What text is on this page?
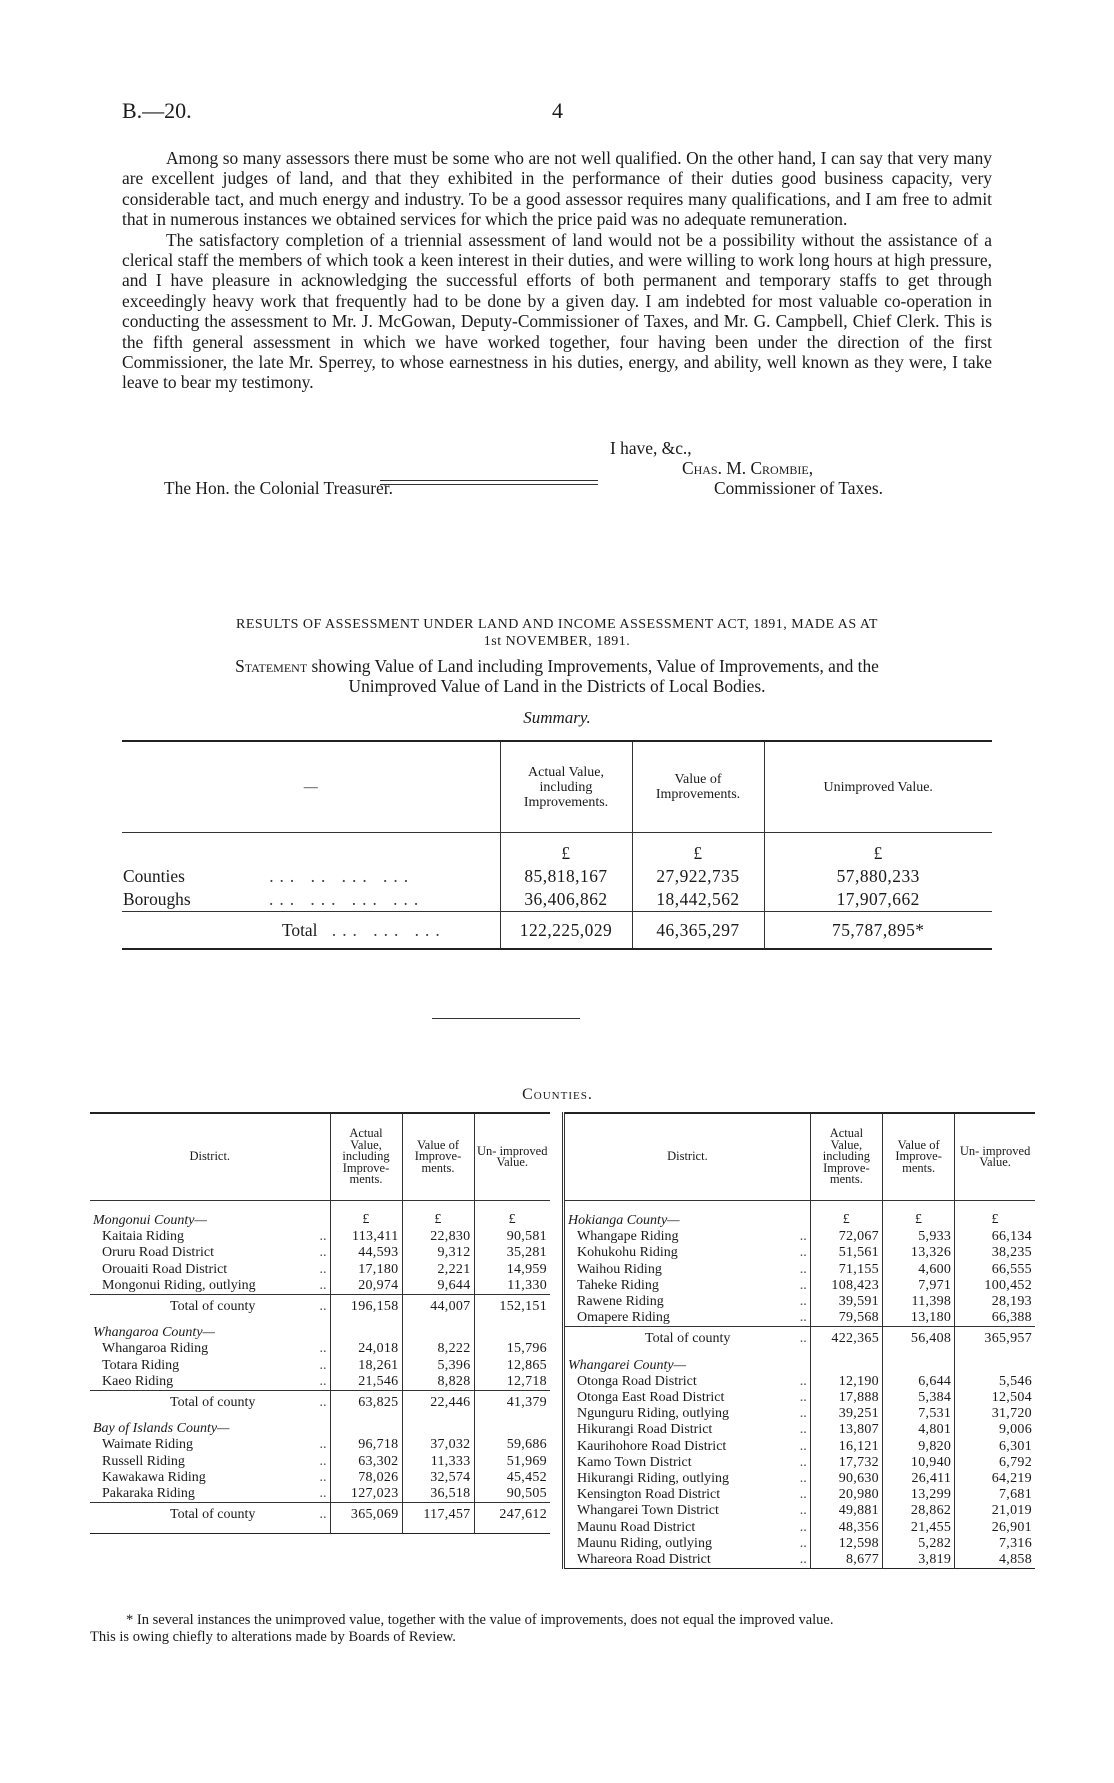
B.—20.	4

Among so many assessors there must be some who are not well qualified. On the other hand, I can say that very many are excellent judges of land, and that they exhibited in the performance of their duties good business capacity, very considerable tact, and much energy and industry. To be a good assessor requires many qualifications, and I am free to admit that in numerous instances we obtained services for which the price paid was no adequate remuneration.

The satisfactory completion of a triennial assessment of land would not be a possibility without the assistance of a clerical staff the members of which took a keen interest in their duties, and were willing to work long hours at high pressure, and I have pleasure in acknowledging the successful efforts of both permanent and temporary staffs to get through exceedingly heavy work that frequently had to be done by a given day. I am indebted for most valuable co-operation in conducting the assessment to Mr. J. McGowan, Deputy-Commissioner of Taxes, and Mr. G. Campbell, Chief Clerk. This is the fifth general assessment in which we have worked together, four having been under the direction of the first Commissioner, the late Mr. Sperrey, to whose earnestness in his duties, energy, and ability, well known as they were, I take leave to bear my testimony.

I have, &c.,
Chas. M. Crombie,
The Hon. the Colonial Treasurer.	Commissioner of Taxes.
RESULTS OF ASSESSMENT UNDER LAND AND INCOME ASSESSMENT ACT, 1891, MADE AS AT
1st NOVEMBER, 1891.
Statement showing Value of Land including Improvements, Value of Improvements, and the
Unimproved Value of Land in the Districts of Local Bodies.
Summary.
—	Actual Value, including Improvements.	Value of Improvements.	Unimproved Value.
	£	£	£
Counties ... .. ... ...	85,818,167	27,922,735	57,880,233
Boroughs ... ... ... ...	36,406,862	18,442,562	17,907,662
Total ... ... ...	122,225,029	46,365,297	75,787,895*
Counties.
District.	Actual Value, including Improve- ments.	Value of Improve- ments.	Un- improved Value.
Mongonui County—	£	£	£
Kaitaia Riding ..	113,411	22,830	90,581
Oruru Road District ..	44,593	9,312	35,281
Orouaiti Road District ..	17,180	2,221	14,959
Mongonui Riding, outlying ..	20,974	9,644	11,330
Total of county ..	196,158	44,007	152,151
Whangaroa County—			
Whangaroa Riding ..	24,018	8,222	15,796
Totara Riding ..	18,261	5,396	12,865
Kaeo Riding ..	21,546	8,828	12,718
Total of county ..	63,825	22,446	41,379
Bay of Islands County—			
Waimate Riding ..	96,718	37,032	59,686
Russell Riding ..	63,302	11,333	51,969
Kawakawa Riding ..	78,026	32,574	45,452
Pakaraka Riding ..	127,023	36,518	90,505
Total of county ..	365,069	117,457	247,612
District.	Actual Value, including Improve- ments.	Value of Improve- ments.	Un- improved Value.
Hokianga County—	£	£	£
Whangape Riding ..	72,067	5,933	66,134
Kohukohu Riding ..	51,561	13,326	38,235
Waihou Riding ..	71,155	4,600	66,555
Taheke Riding ..	108,423	7,971	100,452
Rawene Riding ..	39,591	11,398	28,193
Omapere Riding ..	79,568	13,180	66,388
Total of county ..	422,365	56,408	365,957
Whangarei County—			
Otonga Road District ..	12,190	6,644	5,546
Otonga East Road District ..	17,888	5,384	12,504
Ngunguru Riding, outlying ..	39,251	7,531	31,720
Hikurangi Road District ..	13,807	4,801	9,006
Kaurihohore Road District ..	16,121	9,820	6,301
Kamo Town District ..	17,732	10,940	6,792
Hikurangi Riding, outlying ..	90,630	26,411	64,219
Kensington Road District ..	20,980	13,299	7,681
Whangarei Town District ..	49,881	28,862	21,019
Maunu Road District ..	48,356	21,455	26,901
Maunu Riding, outlying ..	12,598	5,282	7,316
Whareora Road District ..	8,677	3,819	4,858

* In several instances the unimproved value, together with the value of improvements, does not equal the improved value.

This is owing chiefly to alterations made by Boards of Review.
